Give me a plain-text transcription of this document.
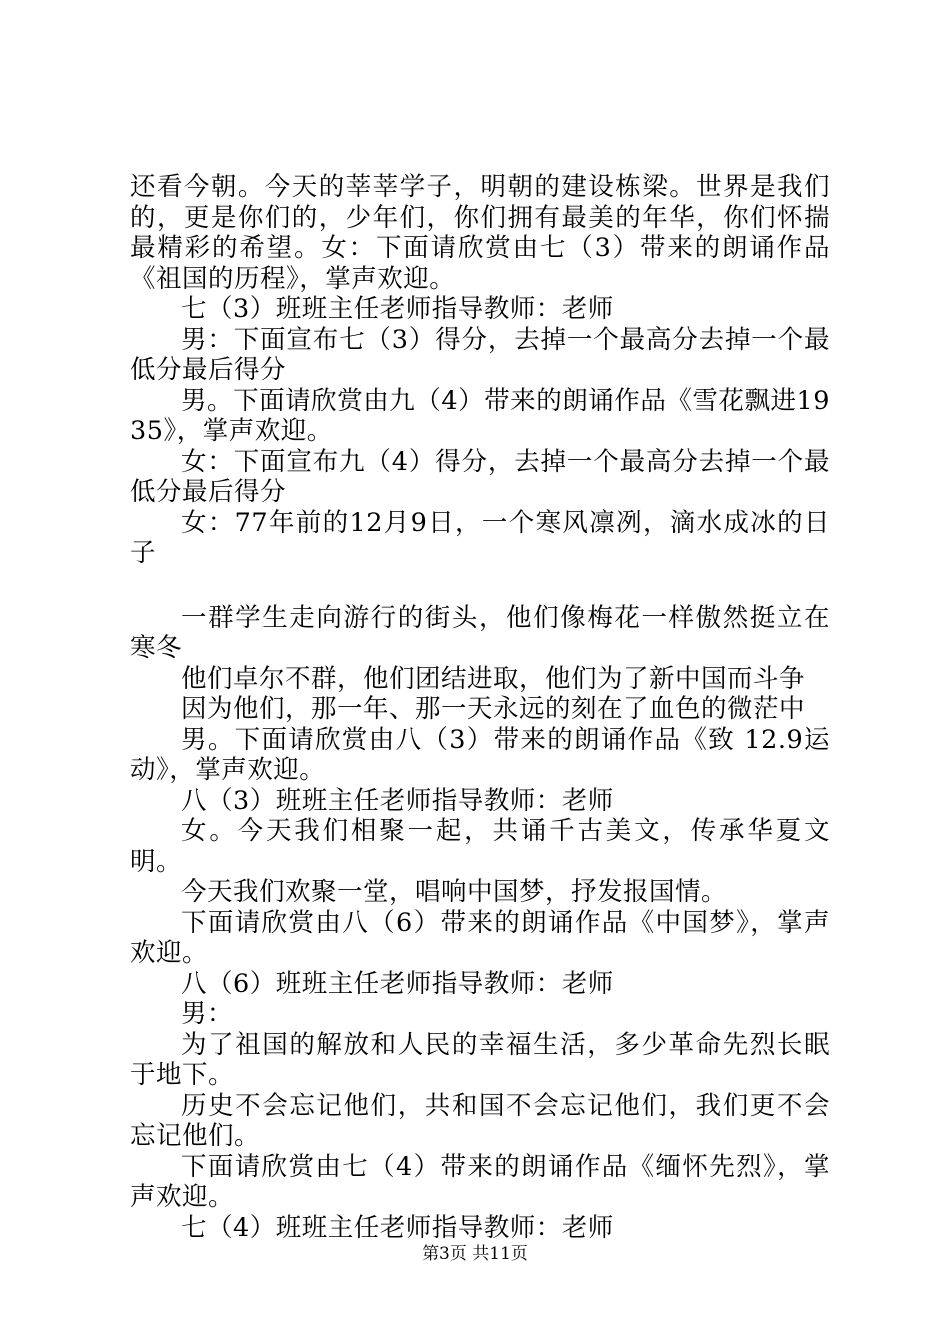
还看今朝。今天的莘莘学子，明朝的建设栋梁。世界是我们的，更是你们的，少年们，你们拥有最美的年华，你们怀揣最精彩的希望。女：下面请欣赏由七（3）带来的朗诵作品《祖国的历程》，掌声欢迎。

七（3）班班主任老师指导教师：老师

男：下面宣布七（3）得分，去掉一个最高分去掉一个最低分最后得分

男。下面请欣赏由九（4）带来的朗诵作品《雪花飘进1935》，掌声欢迎。

女：下面宣布九（4）得分，去掉一个最高分去掉一个最低分最后得分

女：77年前的12月9日，一个寒风凛冽，滴水成冰的日子

一群学生走向游行的街头，他们像梅花一样傲然挺立在寒冬

他们卓尔不群，他们团结进取，他们为了新中国而斗争

因为他们，那一年、那一天永远的刻在了血色的微茫中

男。下面请欣赏由八（3）带来的朗诵作品《致 12.9运动》，掌声欢迎。

八（3）班班主任老师指导教师：老师

女。今天我们相聚一起，共诵千古美文，传承华夏文明。

今天我们欢聚一堂，唱响中国梦，抒发报国情。

下面请欣赏由八（6）带来的朗诵作品《中国梦》，掌声欢迎。

八（6）班班主任老师指导教师：老师

男：

为了祖国的解放和人民的幸福生活，多少革命先烈长眠于地下。

历史不会忘记他们，共和国不会忘记他们，我们更不会忘记他们。

下面请欣赏由七（4）带来的朗诵作品《缅怀先烈》，掌声欢迎。

七（4）班班主任老师指导教师：老师

第3页 共11页
